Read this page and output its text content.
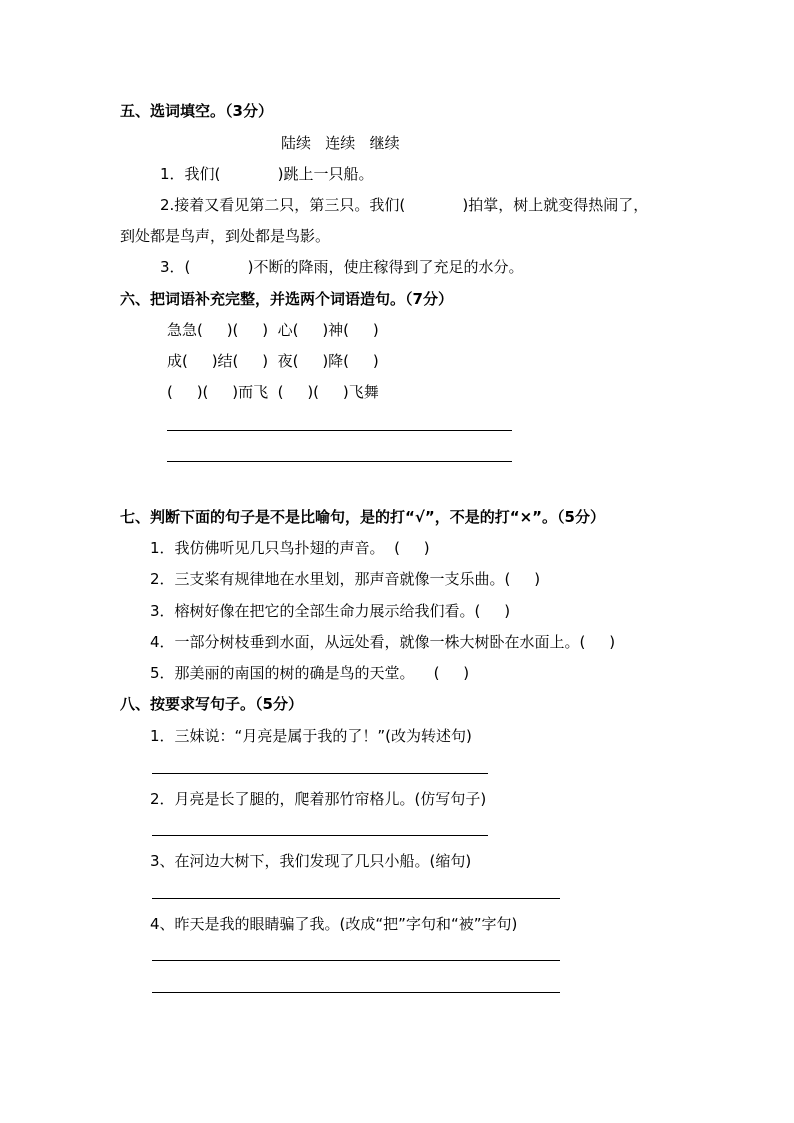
五、选词填空。（3分）
陆续   连续   继续
1．我们(            )跳上一只船。
2.接着又看见第二只，第三只。我们(            )拍掌，树上就变得热闹了，
到处都是鸟声，到处都是鸟影。
3．(            )不断的降雨，使庄稼得到了充足的水分。
六、把词语补充完整，并选两个词语造句。（7分）
急急(     )(     )  心(     )神(     )
成(     )结(     )  夜(     )降(     )
(     )(     )而飞  (     )(     )飞舞
七、判断下面的句子是不是比喻句，是的打“√”，不是的打“×”。（5分）
1．我仿佛听见几只鸟扑翅的声音。  (     )
2．三支桨有规律地在水里划，那声音就像一支乐曲。(     )
3．榕树好像在把它的全部生命力展示给我们看。(     )
4．一部分树枝垂到水面，从远处看，就像一株大树卧在水面上。(     )
5．那美丽的南国的树的确是鸟的天堂。    (     )
八、按要求写句子。（5分）
1．三妹说：“月亮是属于我的了！”(改为转述句)
2．月亮是长了腿的，爬着那竹帘格儿。(仿写句子)
3、在河边大树下，我们发现了几只小船。(缩句)
4、昨天是我的眼睛骗了我。(改成“把”字句和“被”字句)
